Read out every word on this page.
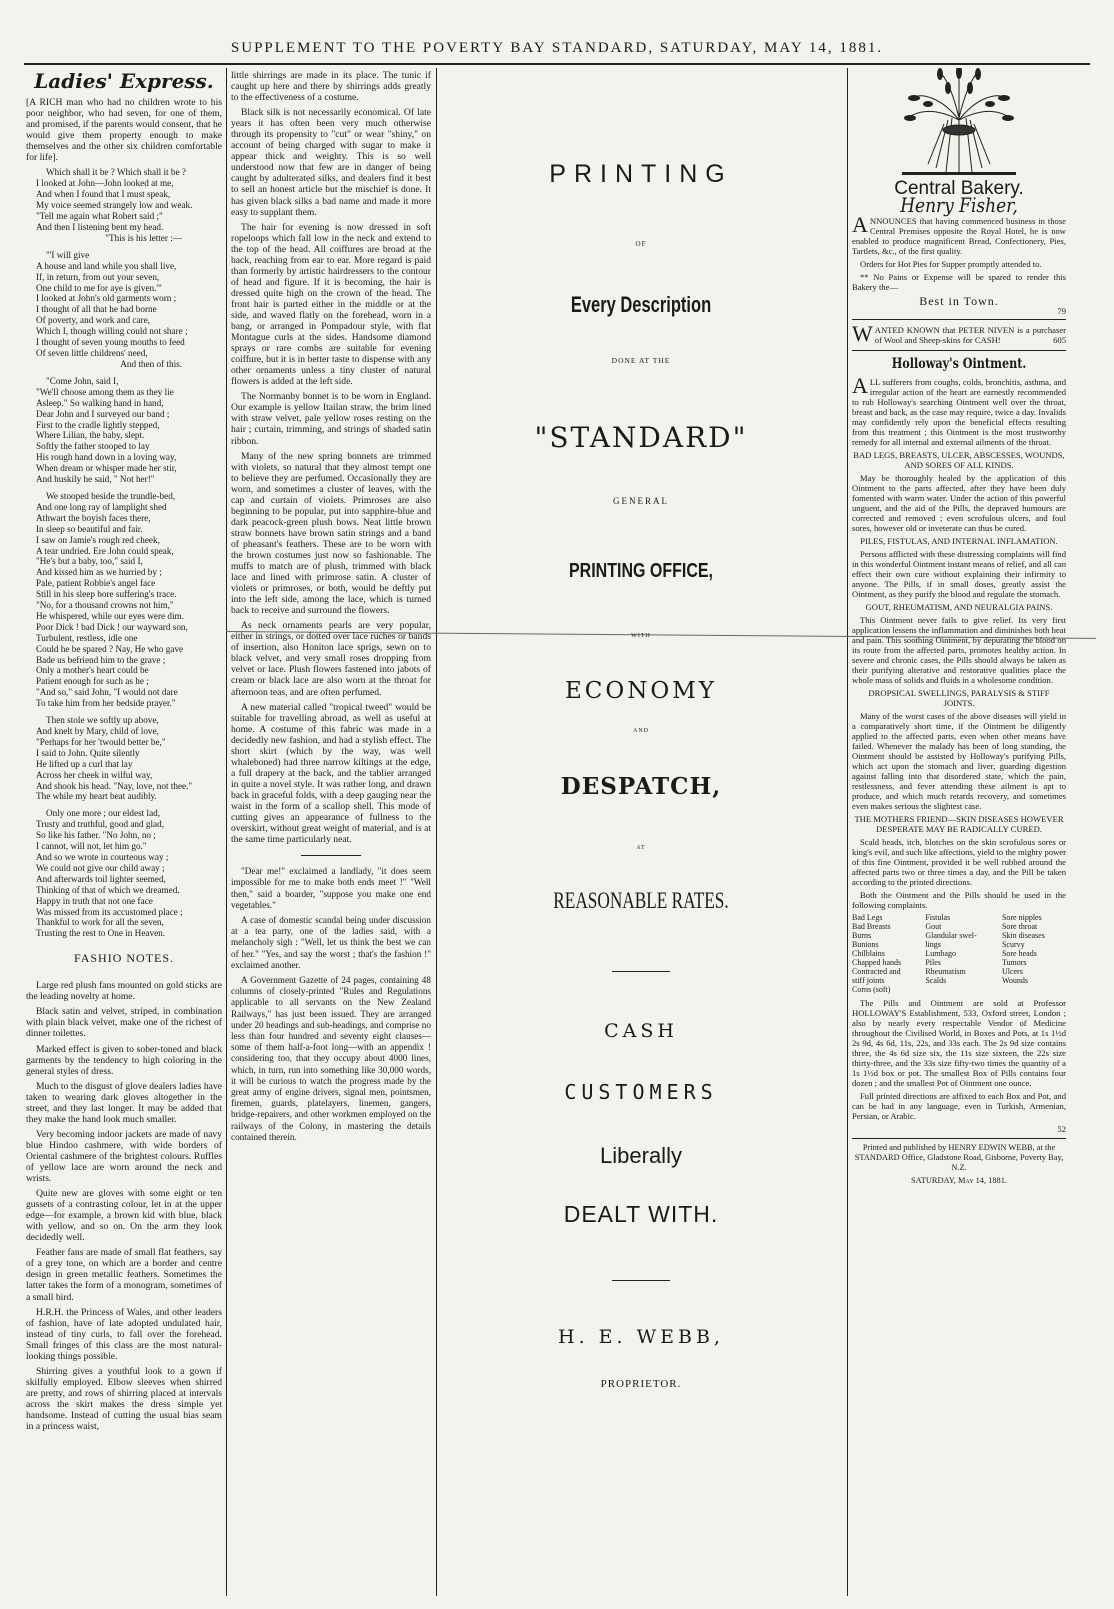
SUPPLEMENT TO THE POVERTY BAY STANDARD, SATURDAY, MAY 14, 1881.
Ladies' Express.

[A RICH man who had no children wrote to his poor neighbor, who had seven, for one of them, and promised, if the parents would consent, that he would give them property enough to make themselves and the other six children comfortable for life].

Which shall it be ? Which shall it be ?
I looked at John—John looked at me,
And when I found that I must speak,
My voice seemed strangely low and weak.
"Tell me again what Robert said ;"
And then I listening bent my head.

"This is his letter :—

"'I will give
A house and land while you shall live,
If, in return, from out your seven,
One child to me for aye is given.'"
I looked at John's old garments worn ;
I thought of all that he had borne
Of poverty, and work and care,
Which I, though willing could not share ;
I thought of seven young mouths to feed
Of seven little childrens' need,

And then of this.

"Come John, said I,
"We'll choose among them as they lie
Asleep." So walking hand in hand,
Dear John and I surveyed our band ;
First to the cradle lightly stepped,
Where Lilian, the baby, slept.
Softly the father stooped to lay
His rough hand down in a loving way,
When dream or whisper made her stir,
And huskily he said, " Not her!"

We stooped beside the trundle-bed,
And one long ray of lamplight shed
Athwart the boyish faces there,
In sleep so beautiful and fair.
I saw on Jamie's rough red cheek,
A tear undried. Ere John could speak,
"He's but a baby, too," said I,
And kissed him as we hurried by ;
Pale, patient Robbie's angel face
Still in his sleep bore suffering's trace.
"No, for a thousand crowns not him,"
He whispered, while our eyes were dim.
Poor Dick ! bad Dick ! our wayward son,
Turbulent, restless, idle one
Could he be spared ? Nay, He who gave
Bade us befriend him to the grave ;
Only a mother's heart could be
Patient enough for such as he ;
"And so," said John, "I would not dare
To take him from her bedside prayer."

Then stole we softly up above,
And knelt by Mary, child of love,
"Perhaps for her 'twould better be,"
I said to John. Quite silently
He lifted up a curl that lay
Across her cheek in wilful way,
And shook his head. "Nay, love, not thee."
The while my heart beat audibly.

Only one more ; our eldest lad,
Trusty and truthful, good and glad,
So like his father. "No John, no ;
I cannot, will not, let him go."
And so we wrote in courteous way ;
We could not give our child away ;
And afterwards toil lighter seemed,
Thinking of that of which we dreamed.
Happy in truth that not one face
Was missed from its accustomed place ;
Thankful to work for all the seven,
Trusting the rest to One in Heaven.

FASHIO NOTES.

Large red plush fans mounted on gold sticks are the leading novelty at home.

Black satin and velvet, striped, in combination with plain black velvet, make one of the richest of dinner toilettes.

Marked effect is given to sober-toned and black garments by the tendency to high coloring in the general styles of dress.

Much to the disgust of glove dealers ladies have taken to wearing dark gloves altogether in the street, and they last longer. It may be added that they make the hand look much smaller.

Very becoming indoor jackets are made of navy blue Hindoo cashmere, with wide borders of Oriental cashmere of the brightest colours. Ruffles of yellow lace are worn around the neck and wrists.

Quite new are gloves with some eight or ten gussets of a contrasting colour, let in at the upper edge—for example, a brown kid with blue, black with yellow, and so on. On the arm they look decidedly well.

Feather fans are made of small flat feathers, say of a grey tone, on which are a border and centre design in green metallic feathers. Sometimes the latter takes the form of a monogram, sometimes of a small bird.

H.R.H. the Princess of Wales, and other leaders of fashion, have of late adopted undulated hair, instead of tiny curls, to fall over the forehead. Small fringes of this class are the most natural-looking things possible.

Shirring gives a youthful look to a gown if skilfully employed. Elbow sleeves when shirred are pretty, and rows of shirring placed at intervals across the skirt makes the dress simple yet handsome. Instead of cutting the usual bias seam in a princess waist,

little shirrings are made in its place. The tunic if caught up here and there by shirrings adds greatly to the effectiveness of a costume.

Black silk is not necessarily economical. Of late years it has often been very much otherwise through its propensity to "cut" or wear "shiny," on account of being charged with sugar to make it appear thick and weighty. This is so well understood now that few are in danger of being caught by adulterated silks, and dealers find it best to sell an honest article but the mischief is done. It has given black silks a bad name and made it more easy to supplant them.

The hair for evening is now dressed in soft ropeloops which fall low in the neck and extend to the top of the head. All coiffures are broad at the back, reaching from ear to ear. More regard is paid than formerly by artistic hairdressers to the contour of head and figure. If it is becoming, the hair is dressed quite high on the crown of the head. The front hair is parted either in the middle or at the side, and waved flatly on the forehead, worn in a bang, or arranged in Pompadour style, with flat Montague curls at the sides. Handsome diamond sprays or rare combs are suitable for evening coiffure, but it is in better taste to dispense with any other ornaments unless a tiny cluster of natural flowers is added at the left side.

The Normanby bonnet is to be worn in England. Our example is yellow Itailan straw, the brim lined with straw velvet, pale yellow roses resting on the hair ; curtain, trimming, and strings of shaded satin ribbon.

Many of the new spring bonnets are trimmed with violets, so natural that they almost tempt one to believe they are perfumed. Occasionally they are worn, and sometimes a cluster of leaves, with the cap and curtain of violets. Primroses are also beginning to be popular, put into sapphire-blue and dark peacock-green plush bows. Neat little brown straw bonnets have brown satin strings and a band of pheasant's feathers. These are to be worn with the brown costumes just now so fashionable. The muffs to match are of plush, trimmed with black lace and lined with primrose satin. A cluster of violets or primroses, or both, would be deftly put into the left side, among the lace, which is turned back to receive and surround the flowers.

As neck ornaments pearls are very popular, either in strings, or dotted over lace ruches or bands of insertion, also Honiton lace sprigs, sewn on to black velvet, and very small roses dropping from velvet or lace. Plush flowers fastened into jabots of cream or black lace are also worn at the throat for afternoon teas, and are often perfumed.

A new material called "tropical tweed" would be suitable for travelling abroad, as well as useful at home. A costume of this fabric was made in a decidedly new fashion, and had a stylish effect. The short skirt (which by the way, was well whaleboned) had three narrow kiltings at the edge, a full drapery at the back, and the tablier arranged in quite a novel style. It was rather long, and drawn back in graceful folds, with a deep gauging near the waist in the form of a scallop shell. This mode of cutting gives an appearance of fullness to the overskirt, without great weight of material, and is at the same time particularly neat.

"Dear me!" exclaimed a landlady, "it does seem impossible for me to make both ends meet !" "Well then," said a boarder, "suppose you make one end vegetables."

A case of domestic scandal being under discussion at a tea party, one of the ladies said, with a melancholy sigh : "Well, let us think the best we can of her." "Yes, and say the worst ; that's the fashion !" exclaimed another.

A Government Gazette of 24 pages, containing 48 columns of closely-printed "Rules and Regulations applicable to all servants on the New Zealand Railways," has just been issued. They are arranged under 20 headings and sub-headings, and comprise no less than four hundred and seventy eight clauses—some of them half-a-foot long—with an appendix ! considering too, that they occupy about 4000 lines, which, in turn, run into something like 30,000 words, it will be curious to watch the progress made by the great army of engine drivers, signal men, pointsmen, firemen, guards, platelayers, linemen, gangers, bridge-repairers, and other workmen employed on the railways of the Colony, in mastering the details contained therein.

PRINTING
OF
Every Description
DONE AT THE
"STANDARD"
GENERAL
PRINTING OFFICE,
WITH
ECONOMY
AND
DESPATCH,
AT
REASONABLE RATES.
CASH
CUSTOMERS
Liberally
DEALT WITH.
H. E. WEBB,
PROPRIETOR.
Central Bakery.
Henry Fisher,

ANNOUNCES that having commenced business in those Central Premises opposite the Royal Hotel, he is now enabled to produce magnificent Bread, Confectionery, Pies, Tartlets, &c., of the first quality.

Orders for Hot Pies for Supper promptly attended to.

** No Pains or Expense will be spared to render this Bakery the—

Best in Town.

79

WANTED KNOWN that PETER NIVEN is a purchaser of Wool and Sheep-skins for CASH!	605

Holloway's Ointment.

ALL sufferers from coughs, colds, bronchitis, asthma, and irregular action of the heart are earnestly recommended to rub Holloway's searching Ointment well over the throat, breast and back, as the case may require, twice a day. Invalids may confidently rely upon the beneficial effects resulting from this treatment ; this Ointment is the most trustworthy remedy for all internal and external ailments of the throat.

BAD LEGS, BREASTS, ULCER, ABSCESSES, WOUNDS, AND SORES OF ALL KINDS.

May be thoroughly healed by the application of this Ointment to the parts affected, after they have been duly fomented with warm water. Under the action of this powerful unguent, and the aid of the Pills, the depraved humours are corrected and removed ; even scrofulous ulcers, and foul sores, however old or inveterate can thus be cured.

PILES, FISTULAS, AND INTERNAL INFLAMATION.

Persons afflicted with these distressing complaints will find in this wonderful Ointment instant means of relief, and all can effect their own cure without explaining their infirmity to anyone. The Pills, if in small doses, greatly assist the Ointment, as they purify the blood and regulate the stomach.

GOUT, RHEUMATISM, AND NEURALGIA PAINS.

This Ointment never fails to give relief. Its very first application lessens the inflammation and diminishes both heat and pain. This soothing Ointment, by depurating the blood on its route from the affected parts, promotes healthy action. In severe and chronic cases, the Pills should always be taken as their purifying alterative and restorative qualities place the whole mass of solids and fluids in a wholesome condition.

DROPSICAL SWELLINGS, PARALYSIS & STIFF JOINTS.

Many of the worst cases of the above diseases will yield in a comparatively short time, if the Ointment be diligently applied to the affected parts, even when other means have failed. Whenever the malady has been of long standing, the Ointment should be assisted by Holloway's purifying Pills, which act upon the stomach and liver, guarding digestion against falling into that disordered state, which the pain, restlessness, and fever attending these ailment is apt to produce, and which much retards recovery, and sometimes even makes serious the slightest case.

THE MOTHERS FRIEND—SKIN DISEASES HOWEVER DESPERATE MAY BE RADICALLY CURED.

Scald heads, itch, blotches on the skin scrofulous sores or king's evil, and such like affections, yield to the mighty power of this fine Ointment, provided it be well rubbed around the affected parts two or three times a day, and the Pill be taken according to the printed directions.

Both the Ointment and the Pills should be used in the following complaints.

Bad Legs	Fistulas	Sore nipples
Bad Breasts	Gout	Sore throat
Burns	Glandular swel-	Skin diseases
Bunions	lings	Scurvy
Chilblains	Lumbago	Sore heads
Chapped hands	Piles	Tumors
Contracted and	Rheumatism	Ulcers
stiff joints	Scalds	Wounds
Corns (soft)		

The Pills and Ointment are sold at Professor HOLLOWAY'S Establishment, 533, Oxford street, London ; also by nearly every respectable Vendor of Medicine throughout the Civilised World, in Boxes and Pots, at 1s 1½d 2s 9d, 4s 6d, 11s, 22s, and 33s each. The 2s 9d size contains three, the 4s 6d size six, the 11s size sixteen, the 22s size thirty-three, and the 33s size fifty-two times the quantity of a 1s 1½d box or pot. The smallest Box of Pills contains four dozen ; and the smallest Pot of Ointment one ounce.

Full printed directions are affixed to each Box and Pot, and can be had in any language, even in Turkish, Armenian, Persian, or Arabic.

52

Printed and published by HENRY EDWIN WEBB, at the STANDARD Office, Gladstone Road, Gisborne, Poverty Bay, N.Z.

SATURDAY, May 14, 1881.
